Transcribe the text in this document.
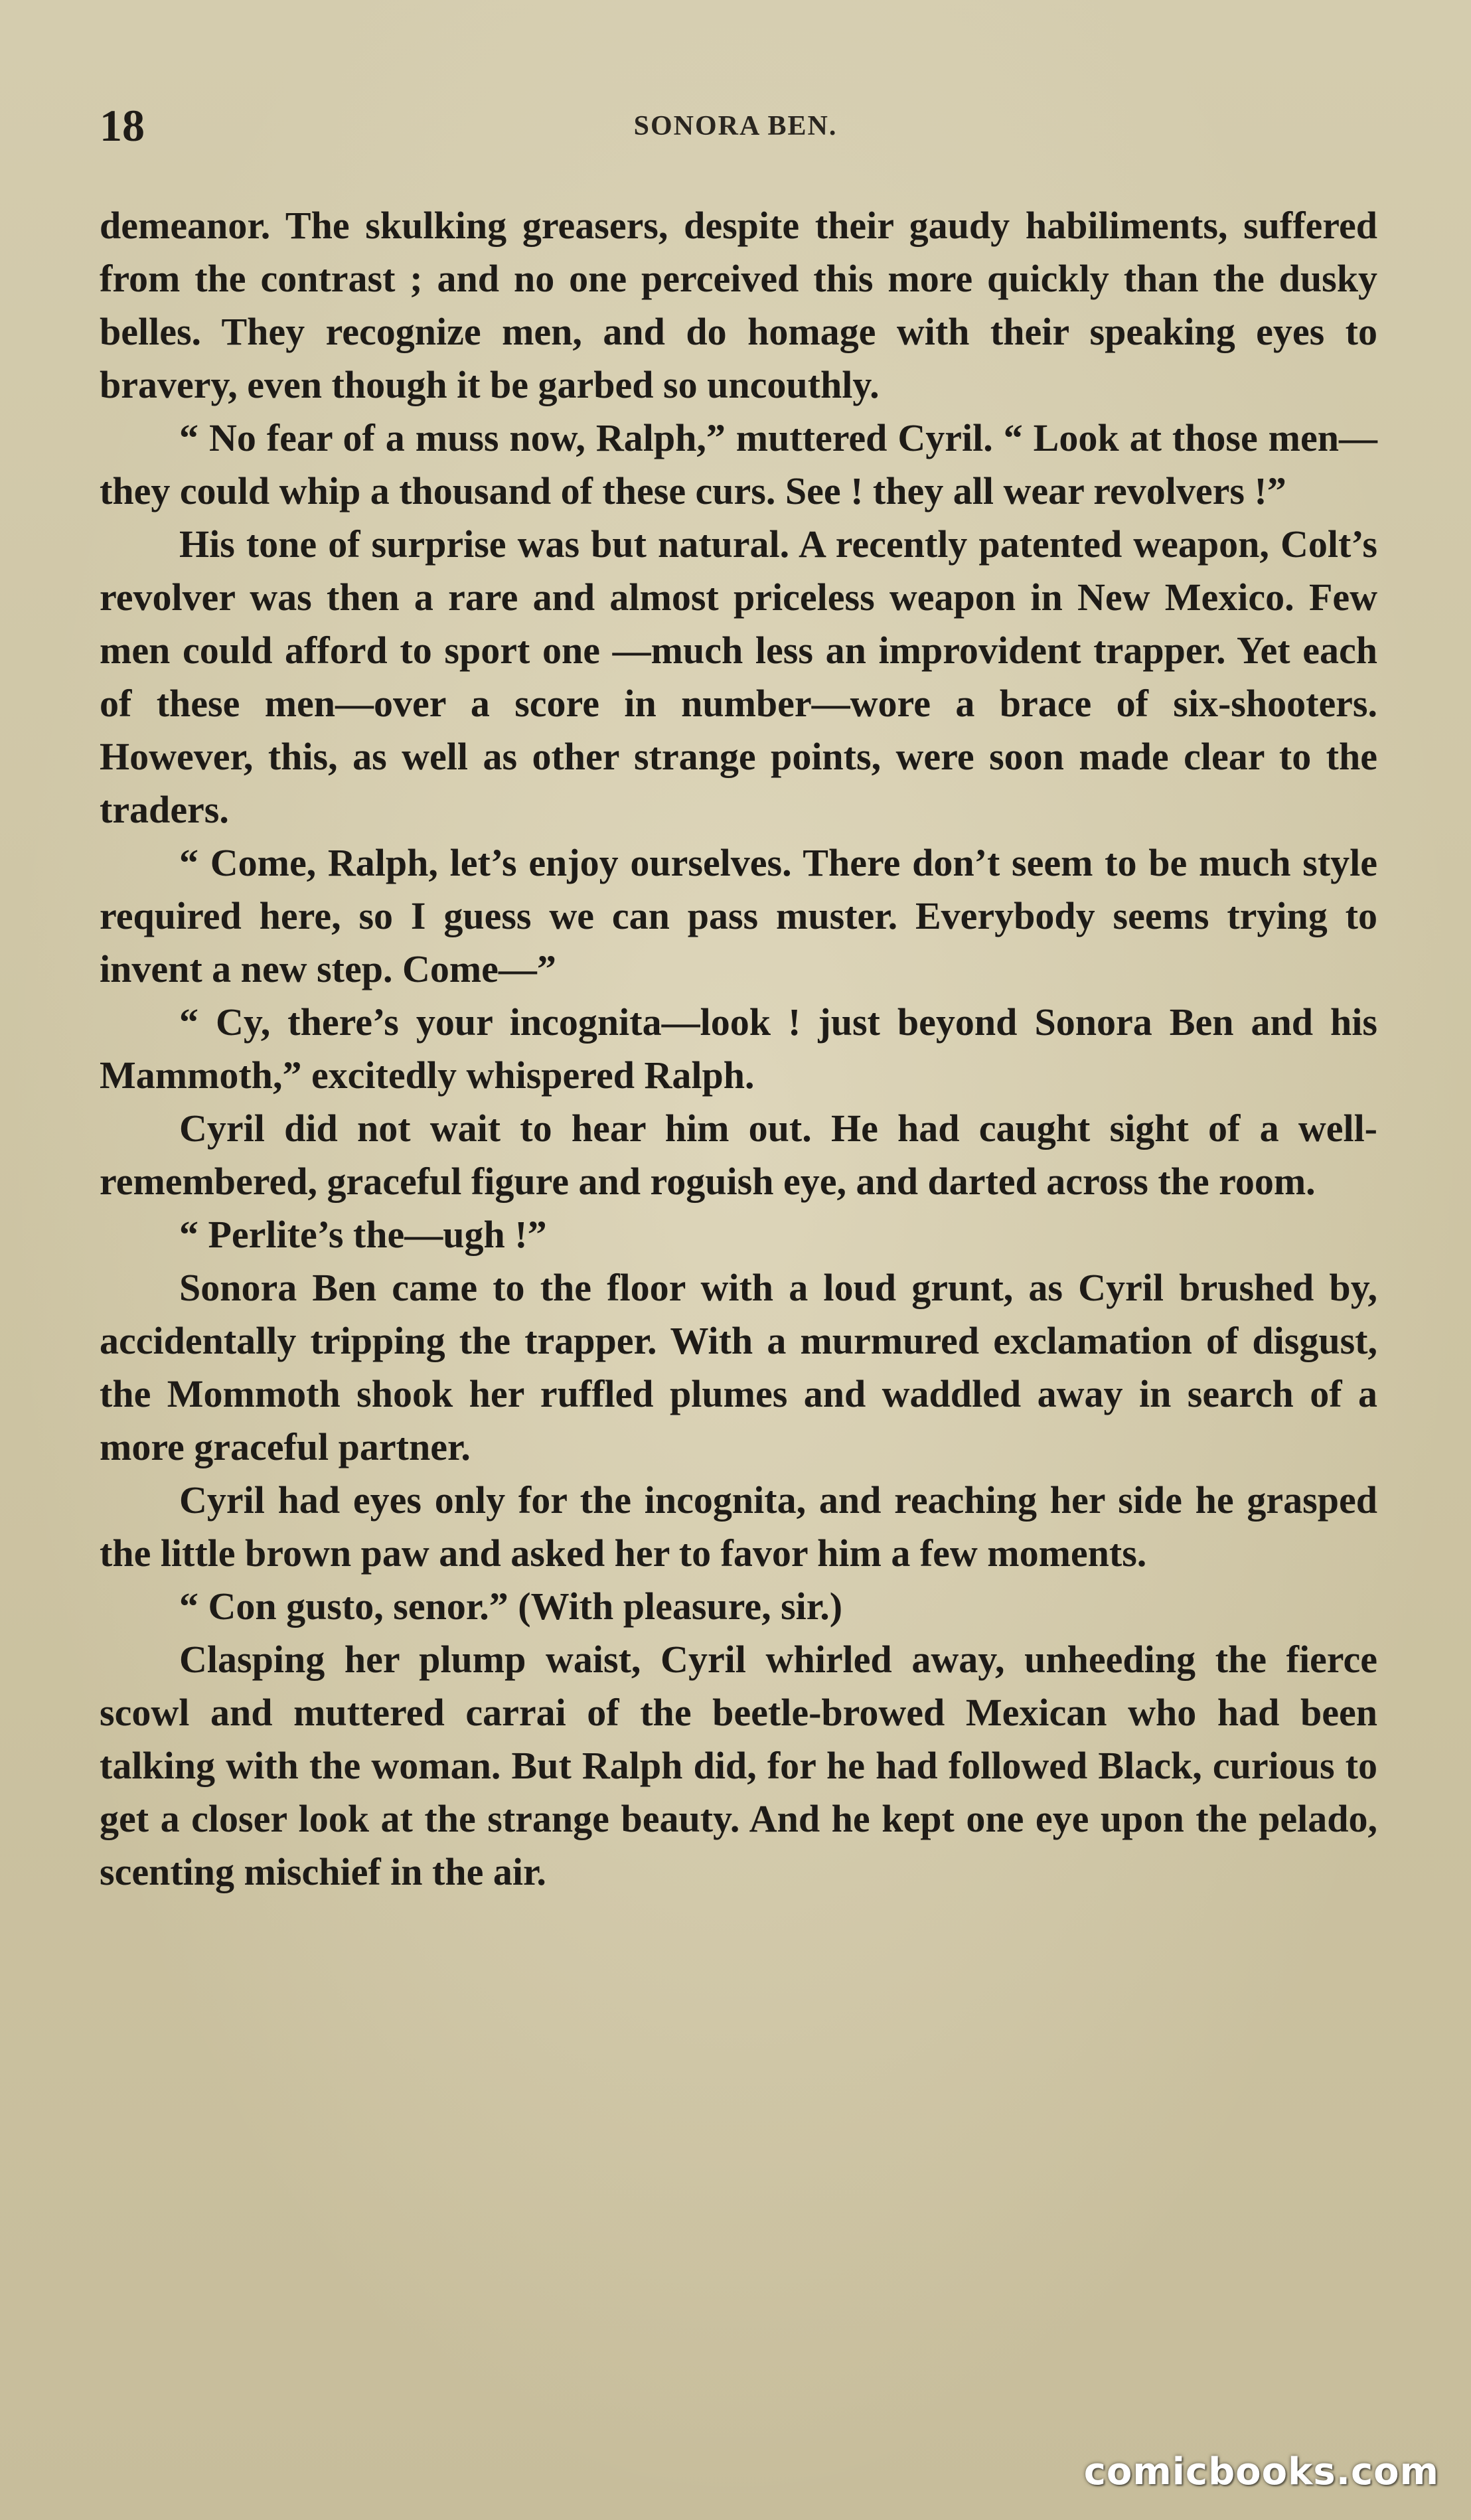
18	SONORA BEN.

demeanor. The skulking greasers, despite their gaudy habiliments, suffered from the contrast ; and no one perceived this more quickly than the dusky belles. They recognize men, and do homage with their speaking eyes to bravery, even though it be garbed so uncouthly.

“ No fear of a muss now, Ralph,” muttered Cyril. “ Look at those men—they could whip a thousand of these curs. See ! they all wear revolvers !”

His tone of surprise was but natural. A recently patented weapon, Colt’s revolver was then a rare and almost priceless weapon in New Mexico. Few men could afford to sport one —much less an improvident trapper. Yet each of these men—over a score in number—wore a brace of six-shooters. However, this, as well as other strange points, were soon made clear to the traders.

“ Come, Ralph, let’s enjoy ourselves. There don’t seem to be much style required here, so I guess we can pass muster. Everybody seems trying to invent a new step. Come—”

“ Cy, there’s your incognita—look ! just beyond Sonora Ben and his Mammoth,” excitedly whispered Ralph.

Cyril did not wait to hear him out. He had caught sight of a well-remembered, graceful figure and roguish eye, and darted across the room.

“ Perlite’s the—ugh !”

Sonora Ben came to the floor with a loud grunt, as Cyril brushed by, accidentally tripping the trapper. With a murmured exclamation of disgust, the Mommoth shook her ruffled plumes and waddled away in search of a more graceful partner.

Cyril had eyes only for the incognita, and reaching her side he grasped the little brown paw and asked her to favor him a few moments.

“ Con gusto, senor.” (With pleasure, sir.)

Clasping her plump waist, Cyril whirled away, unheeding the fierce scowl and muttered carrai of the beetle-browed Mexican who had been talking with the woman. But Ralph did, for he had followed Black, curious to get a closer look at the strange beauty. And he kept one eye upon the pelado, scenting mischief in the air.

comicbooks.com
